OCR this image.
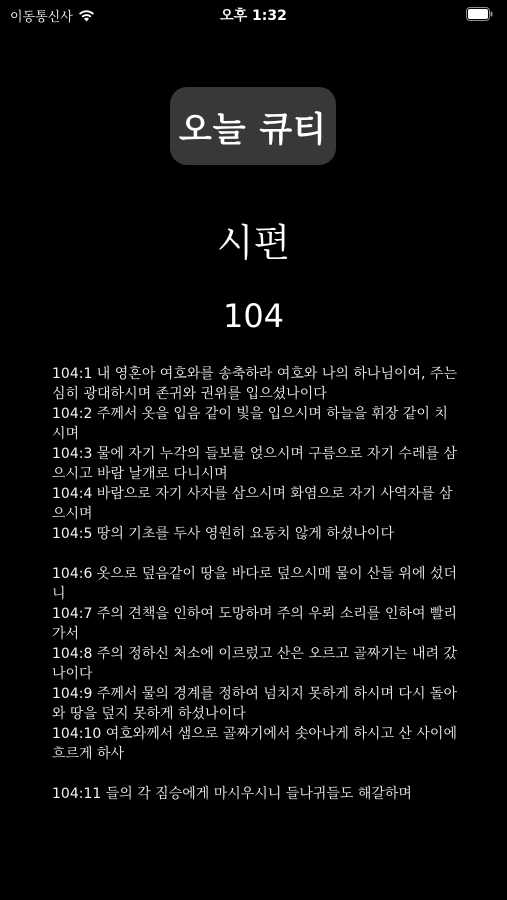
이동통신사	오후 1:32
오늘 큐티
시편
104

104:1 내 영혼아 여호와를 송축하라 여호와 나의 하나님이여, 주는 심히 광대하시며 존귀와 권위를 입으셨나이다

104:2 주께서 옷을 입음 같이 빛을 입으시며 하늘을 휘장 같이 치시며

104:3 물에 자기 누각의 들보를 얹으시며 구름으로 자기 수레를 삼으시고 바람 날개로 다니시며

104:4 바람으로 자기 사자를 삼으시며 화염으로 자기 사역자를 삼으시며

104:5 땅의 기초를 두사 영원히 요동치 않게 하셨나이다

104:6 옷으로 덮음같이 땅을 바다로 덮으시매 물이 산들 위에 섰더니

104:7 주의 견책을 인하여 도망하며 주의 우뢰 소리를 인하여 빨리 가서

104:8 주의 정하신 처소에 이르렀고 산은 오르고 골짜기는 내려 갔나이다

104:9 주께서 물의 경계를 정하여 넘치지 못하게 하시며 다시 돌아와 땅을 덮지 못하게 하셨나이다

104:10 여호와께서 샘으로 골짜기에서 솟아나게 하시고 산 사이에 흐르게 하사

104:11 들의 각 짐승에게 마시우시니 들나귀들도 해갈하며
